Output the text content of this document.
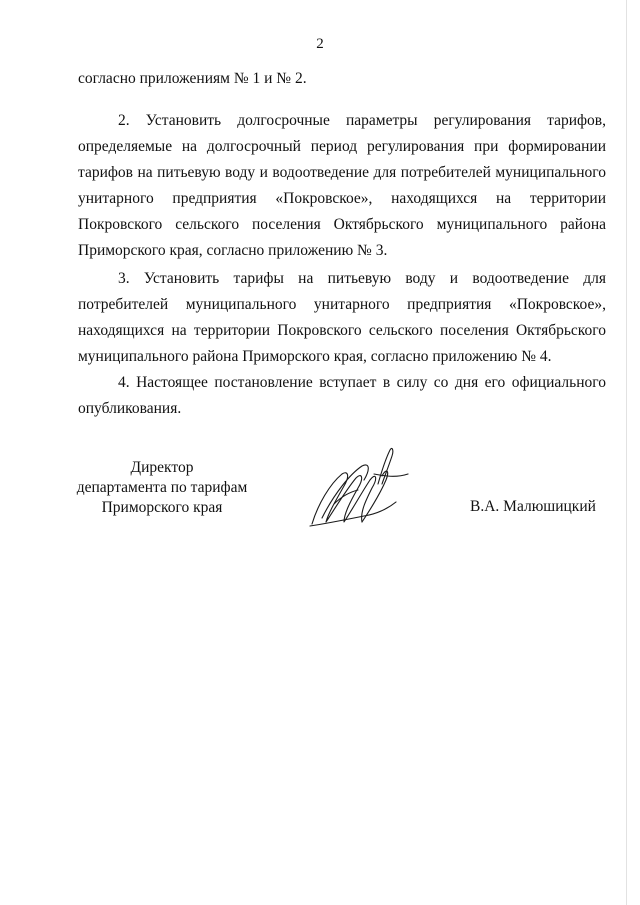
2
согласно приложениям № 1 и № 2.

2. Установить долгосрочные параметры регулирования тарифов, определяемые на долгосрочный период регулирования при формировании тарифов на питьевую воду и водоотведение для потребителей муниципального унитарного предприятия «Покровское», находящихся на территории Покровского сельского поселения Октябрьского муниципального района Приморского края, согласно приложению № 3.

3. Установить тарифы на питьевую воду и водоотведение для потребителей муниципального унитарного предприятия «Покровское», находящихся на территории Покровского сельского поселения Октябрьского муниципального района Приморского края, согласно приложению № 4.

4. Настоящее постановление вступает в силу со дня его официального опубликования.

Директор
департамента по тарифам
Приморского края	В.А. Малюшицкий
